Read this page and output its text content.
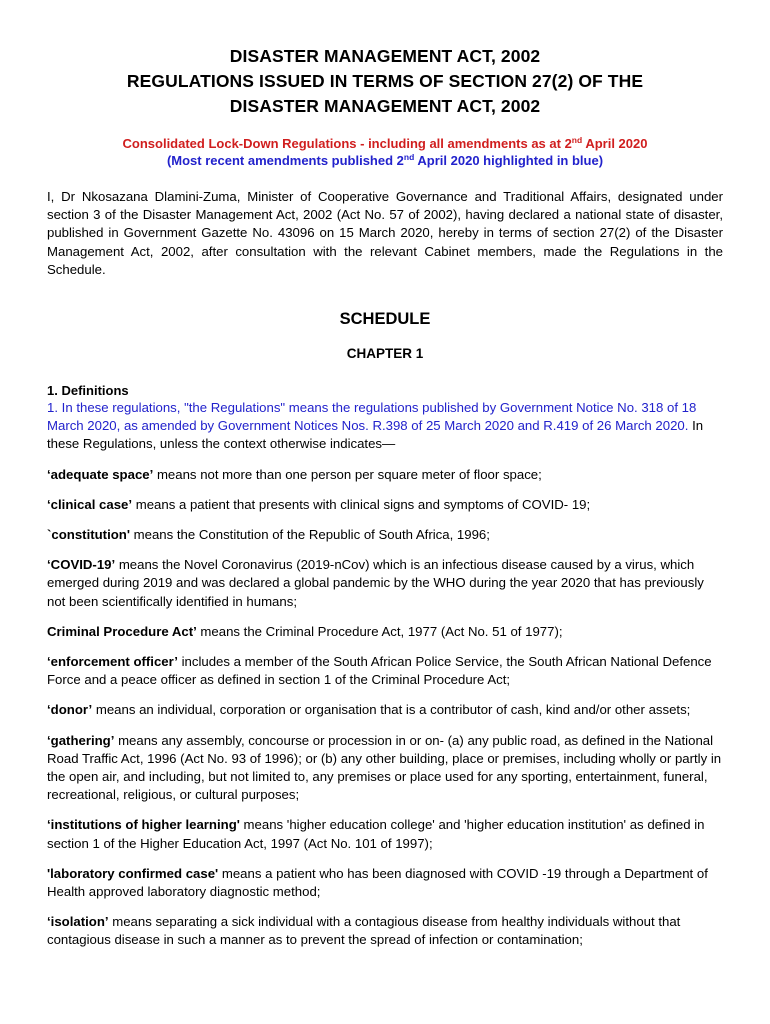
DISASTER MANAGEMENT ACT, 2002
REGULATIONS ISSUED IN TERMS OF SECTION 27(2) OF THE
DISASTER MANAGEMENT ACT, 2002
Consolidated Lock-Down Regulations - including all amendments as at 2nd April 2020
(Most recent amendments published 2nd April 2020 highlighted in blue)
I, Dr Nkosazana Dlamini-Zuma, Minister of Cooperative Governance and Traditional Affairs, designated under section 3 of the Disaster Management Act, 2002 (Act No. 57 of 2002), having declared a national state of disaster, published in Government Gazette No. 43096 on 15 March 2020, hereby in terms of section 27(2) of the Disaster Management Act, 2002, after consultation with the relevant Cabinet members, made the Regulations in the Schedule.
SCHEDULE
CHAPTER 1
1. Definitions
1. In these regulations, "the Regulations" means the regulations published by Government Notice No. 318 of 18 March 2020, as amended by Government Notices Nos. R.398 of 25 March 2020 and R.419 of 26 March 2020. In these Regulations, unless the context otherwise indicates—
‘adequate space’ means not more than one person per square meter of floor space;
‘clinical case’ means a patient that presents with clinical signs and symptoms of COVID- 19;
`constitution' means the Constitution of the Republic of South Africa, 1996;
‘COVID-19’ means the Novel Coronavirus (2019-nCov) which is an infectious disease caused by a virus, which emerged during 2019 and was declared a global pandemic by the WHO during the year 2020 that has previously not been scientifically identified in humans;
Criminal Procedure Act’ means the Criminal Procedure Act, 1977 (Act No. 51 of 1977);
‘enforcement officer’ includes a member of the South African Police Service, the South African National Defence Force and a peace officer as defined in section 1 of the Criminal Procedure Act;
‘donor’ means an individual, corporation or organisation that is a contributor of cash, kind and/or other assets;
‘gathering’ means any assembly, concourse or procession in or on- (a) any public road, as defined in the National Road Traffic Act, 1996 (Act No. 93 of 1996); or (b) any other building, place or premises, including wholly or partly in the open air, and including, but not limited to, any premises or place used for any sporting, entertainment, funeral, recreational, religious, or cultural purposes;
‘institutions of higher learning' means 'higher education college' and 'higher education institution' as defined in section 1 of the Higher Education Act, 1997 (Act No. 101 of 1997);
'laboratory confirmed case' means a patient who has been diagnosed with COVID -19 through a Department of Health approved laboratory diagnostic method;
‘isolation’ means separating a sick individual with a contagious disease from healthy individuals without that contagious disease in such a manner as to prevent the spread of infection or contamination;
